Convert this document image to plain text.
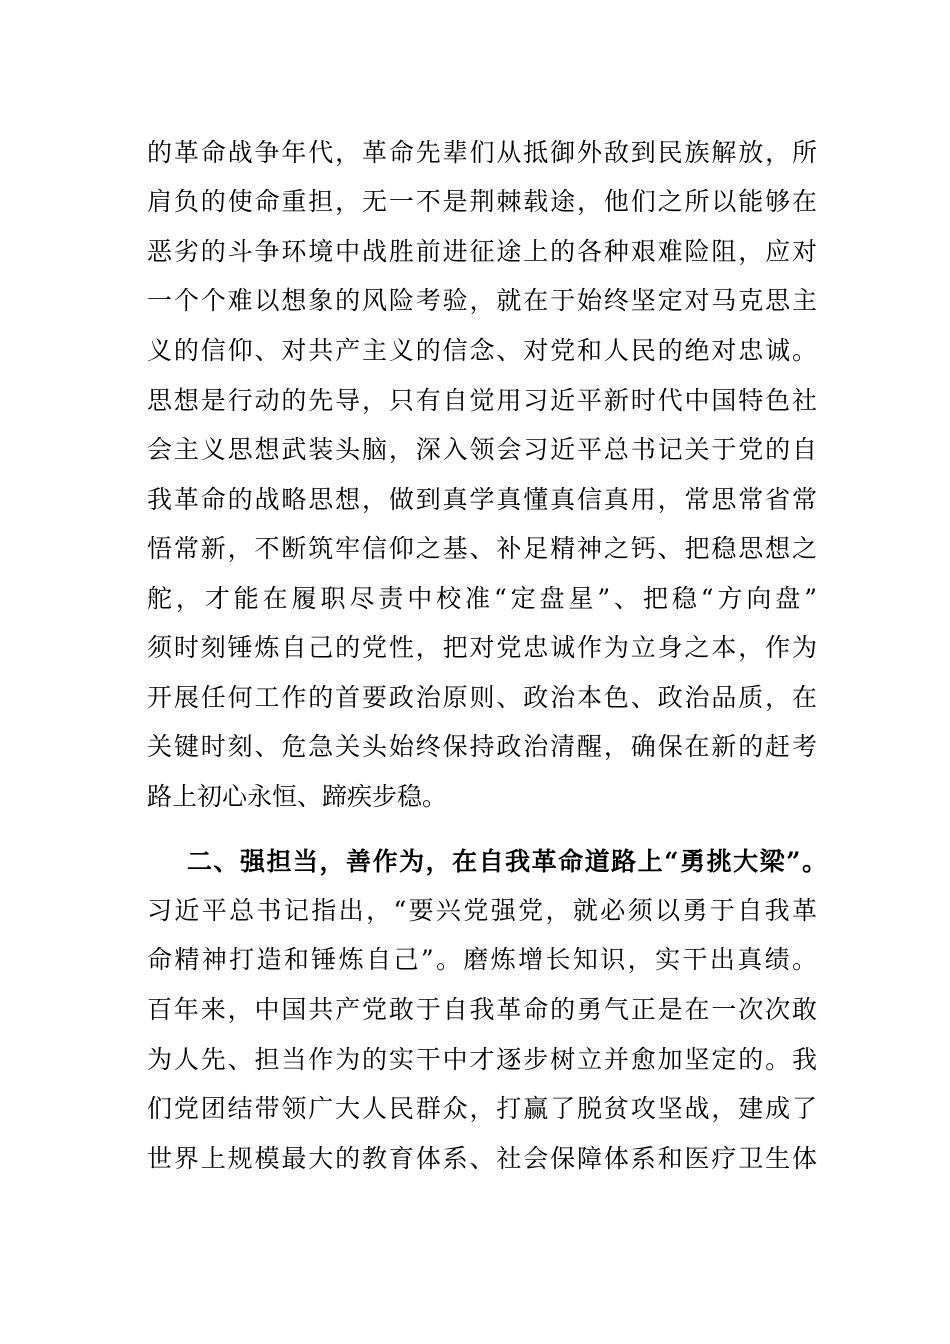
的革命战争年代，革命先辈们从抵御外敌到民族解放，所
肩负的使命重担，无一不是荆棘载途，他们之所以能够在
恶劣的斗争环境中战胜前进征途上的各种艰难险阻，应对
一个个难以想象的风险考验，就在于始终坚定对马克思主
义的信仰、对共产主义的信念、对党和人民的绝对忠诚。
思想是行动的先导，只有自觉用习近平新时代中国特色社
会主义思想武装头脑，深入领会习近平总书记关于党的自
我革命的战略思想，做到真学真懂真信真用，常思常省常
悟常新，不断筑牢信仰之基、补足精神之钙、把稳思想之
舵，才能在履职尽责中校准“定盘星”、把稳“方向盘”
须时刻锤炼自己的党性，把对党忠诚作为立身之本，作为
开展任何工作的首要政治原则、政治本色、政治品质，在
关键时刻、危急关头始终保持政治清醒，确保在新的赶考
路上初心永恒、蹄疾步稳。
二、强担当，善作为，在自我革命道路上“勇挑大梁”。
习近平总书记指出，“要兴党强党，就必须以勇于自我革
命精神打造和锤炼自己”。磨炼增长知识，实干出真绩。
百年来，中国共产党敢于自我革命的勇气正是在一次次敢
为人先、担当作为的实干中才逐步树立并愈加坚定的。我
们党团结带领广大人民群众，打赢了脱贫攻坚战，建成了
世界上规模最大的教育体系、社会保障体系和医疗卫生体
